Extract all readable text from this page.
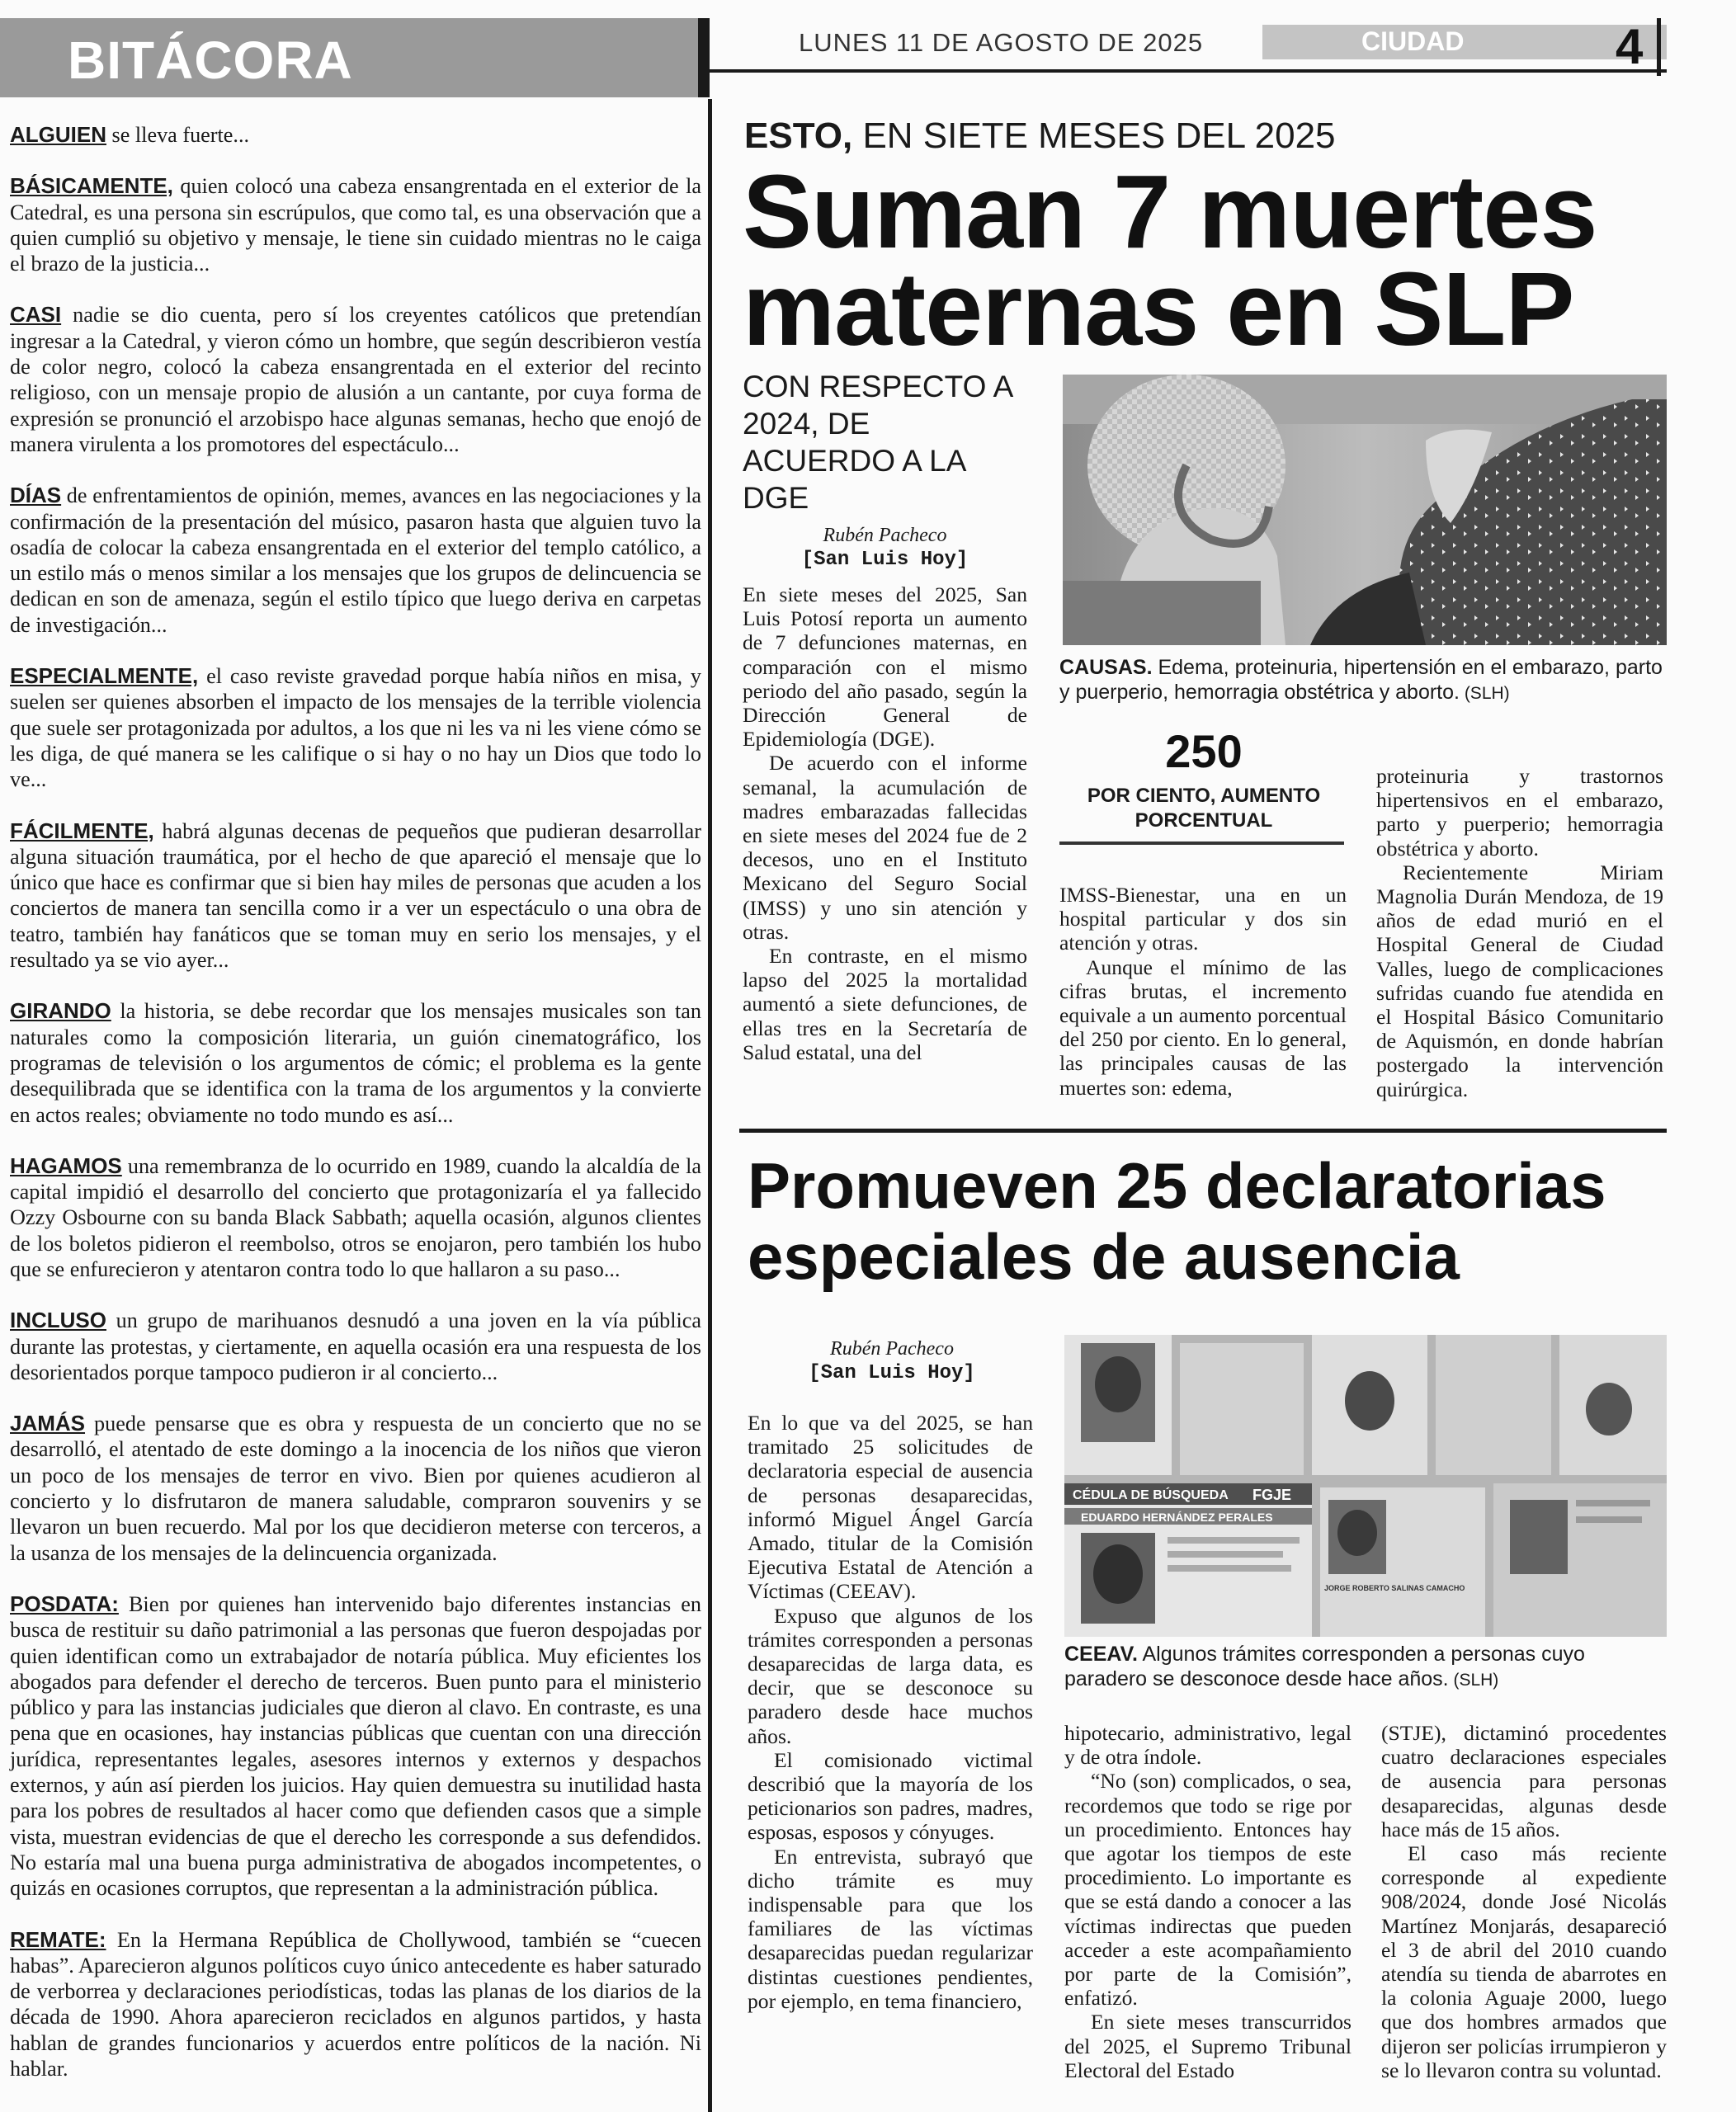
BITÁCORA	LUNES 11 DE AGOSTO DE 2025	CIUDAD	4

ALGUIEN se lleva fuerte...

BÁSICAMENTE, quien colocó una cabeza ensangrentada en el exterior de la Catedral, es una persona sin escrúpulos, que como tal, es una observación que a quien cumplió su objetivo y mensaje, le tiene sin cuidado mientras no le caiga el brazo de la justicia...

CASI nadie se dio cuenta, pero sí los creyentes católicos que pretendían ingresar a la Catedral, y vieron cómo un hombre, que según describieron vestía de color negro, colocó la cabeza ensangrentada en el exterior del recinto religioso, con un mensaje propio de alusión a un cantante, por cuya forma de expresión se pronunció el arzobispo hace algunas semanas, hecho que enojó de manera virulenta a los promotores del espectáculo...

DÍAS de enfrentamientos de opinión, memes, avances en las negociaciones y la confirmación de la presentación del músico, pasaron hasta que alguien tuvo la osadía de colocar la cabeza ensangrentada en el exterior del templo católico, a un estilo más o menos similar a los mensajes que los grupos de delincuencia se dedican en son de amenaza, según el estilo típico que luego deriva en carpetas de investigación...

ESPECIALMENTE, el caso reviste gravedad porque había niños en misa, y suelen ser quienes absorben el impacto de los mensajes de la terrible violencia que suele ser protagonizada por adultos, a los que ni les va ni les viene cómo se les diga, de qué manera se les califique o si hay o no hay un Dios que todo lo ve...

FÁCILMENTE, habrá algunas decenas de pequeños que pudieran desarrollar alguna situación traumática, por el hecho de que apareció el mensaje que lo único que hace es confirmar que si bien hay miles de personas que acuden a los conciertos de manera tan sencilla como ir a ver un espectáculo o una obra de teatro, también hay fanáticos que se toman muy en serio los mensajes, y el resultado ya se vio ayer...

GIRANDO la historia, se debe recordar que los mensajes musicales son tan naturales como la composición literaria, un guión cinematográfico, los programas de televisión o los argumentos de cómic; el problema es la gente desequilibrada que se identifica con la trama de los argumentos y la convierte en actos reales; obviamente no todo mundo es así...

HAGAMOS una remembranza de lo ocurrido en 1989, cuando la alcaldía de la capital impidió el desarrollo del concierto que protagonizaría el ya fallecido Ozzy Osbourne con su banda Black Sabbath; aquella ocasión, algunos clientes de los boletos pidieron el reembolso, otros se enojaron, pero también los hubo que se enfurecieron y atentaron contra todo lo que hallaron a su paso...

INCLUSO un grupo de marihuanos desnudó a una joven en la vía pública durante las protestas, y ciertamente, en aquella ocasión era una respuesta de los desorientados porque tampoco pudieron ir al concierto...

JAMÁS puede pensarse que es obra y respuesta de un concierto que no se desarrolló, el atentado de este domingo a la inocencia de los niños que vieron un poco de los mensajes de terror en vivo. Bien por quienes acudieron al concierto y lo disfrutaron de manera saludable, compraron souvenirs y se llevaron un buen recuerdo. Mal por los que decidieron meterse con terceros, a la usanza de los mensajes de la delincuencia organizada.

POSDATA: Bien por quienes han intervenido bajo diferentes instancias en busca de restituir su daño patrimonial a las personas que fueron despojadas por quien identifican como un extrabajador de notaría pública. Muy eficientes los abogados para defender el derecho de terceros. Buen punto para el ministerio público y para las instancias judiciales que dieron al clavo. En contraste, es una pena que en ocasiones, hay instancias públicas que cuentan con una dirección jurídica, representantes legales, asesores internos y externos y despachos externos, y aún así pierden los juicios. Hay quien demuestra su inutilidad hasta para los pobres de resultados al hacer como que defienden casos que a simple vista, muestran evidencias de que el derecho les corresponde a sus defendidos. No estaría mal una buena purga administrativa de abogados incompetentes, o quizás en ocasiones corruptos, que representan a la administración pública.

REMATE: En la Hermana República de Chollywood, también se “cuecen habas”. Aparecieron algunos políticos cuyo único antecedente es haber saturado de verborrea y declaraciones periodísticas, todas las planas de los diarios de la década de 1990. Ahora aparecieron reciclados en algunos partidos, y hasta hablan de grandes funcionarios y acuerdos entre políticos de la nación. Ni hablar.

ESTO, EN SIETE MESES DEL 2025
Suman 7 muertes maternas en SLP
CON RESPECTO A 2024, DE ACUERDO A LA DGE
Rubén Pacheco
[San Luis Hoy]

En siete meses del 2025, San Luis Potosí reporta un aumento de 7 defunciones maternas, en comparación con el mismo periodo del año pasado, según la Dirección General de Epidemiología (DGE).

De acuerdo con el informe semanal, la acumulación de madres embarazadas fallecidas en siete meses del 2024 fue de 2 decesos, uno en el Instituto Mexicano del Seguro Social (IMSS) y uno sin atención y otras.

En contraste, en el mismo lapso del 2025 la mortalidad aumentó a siete defunciones, de ellas tres en la Secretaría de Salud estatal, una del

CAUSAS. Edema, proteinuria, hipertensión en el embarazo, parto y puerperio, hemorragia obstétrica y aborto. (SLH)
250
POR CIENTO, AUMENTO PORCENTUAL

IMSS-Bienestar, una en un hospital particular y dos sin atención y otras.

Aunque el mínimo de las cifras brutas, el incremento equivale a un aumento porcentual del 250 por ciento. En lo general, las principales causas de las muertes son: edema,

proteinuria y trastornos hipertensivos en el embarazo, parto y puerperio; hemorragia obstétrica y aborto.

Recientemente Miriam Magnolia Durán Mendoza, de 19 años de edad murió en el Hospital General de Ciudad Valles, luego de complicaciones sufridas cuando fue atendida en el Hospital Básico Comunitario de Aquismón, en donde habrían postergado la intervención quirúrgica.

Promueven 25 declaratorias especiales de ausencia
Rubén Pacheco
[San Luis Hoy]

En lo que va del 2025, se han tramitado 25 solicitudes de declaratoria especial de ausencia de personas desaparecidas, informó Miguel Ángel García Amado, titular de la Comisión Ejecutiva Estatal de Atención a Víctimas (CEEAV).

Expuso que algunos de los trámites corresponden a personas desaparecidas de larga data, es decir, que se desconoce su paradero desde hace muchos años.

El comisionado victimal describió que la mayoría de los peticionarios son padres, madres, esposas, esposos y cónyuges.

En entrevista, subrayó que dicho trámite es muy indispensable para que los familiares de las víctimas desaparecidas puedan regularizar distintas cuestiones pendientes, por ejemplo, en tema financiero,

CÉDULA DE BÚSQUEDA FGJE
EDUARDO HERNÁNDEZ PERALES
JORGE ROBERTO SALINAS CAMACHO
CEEAV. Algunos trámites corresponden a personas cuyo paradero se desconoce desde hace años. (SLH)

hipotecario, administrativo, legal y de otra índole.

“No (son) complicados, o sea, recordemos que todo se rige por un procedimiento. Entonces hay que agotar los tiempos de este procedimiento. Lo importante es que se está dando a conocer a las víctimas indirectas que pueden acceder a este acompañamiento por parte de la Comisión”, enfatizó.

En siete meses transcurridos del 2025, el Supremo Tribunal Electoral del Estado

(STJE), dictaminó procedentes cuatro declaraciones especiales de ausencia para personas desaparecidas, algunas desde hace más de 15 años.

El caso más reciente corresponde al expediente 908/2024, donde José Nicolás Martínez Monjarás, desapareció el 3 de abril del 2010 cuando atendía su tienda de abarrotes en la colonia Aguaje 2000, luego que dos hombres armados que dijeron ser policías irrumpieron y se lo llevaron contra su voluntad.
